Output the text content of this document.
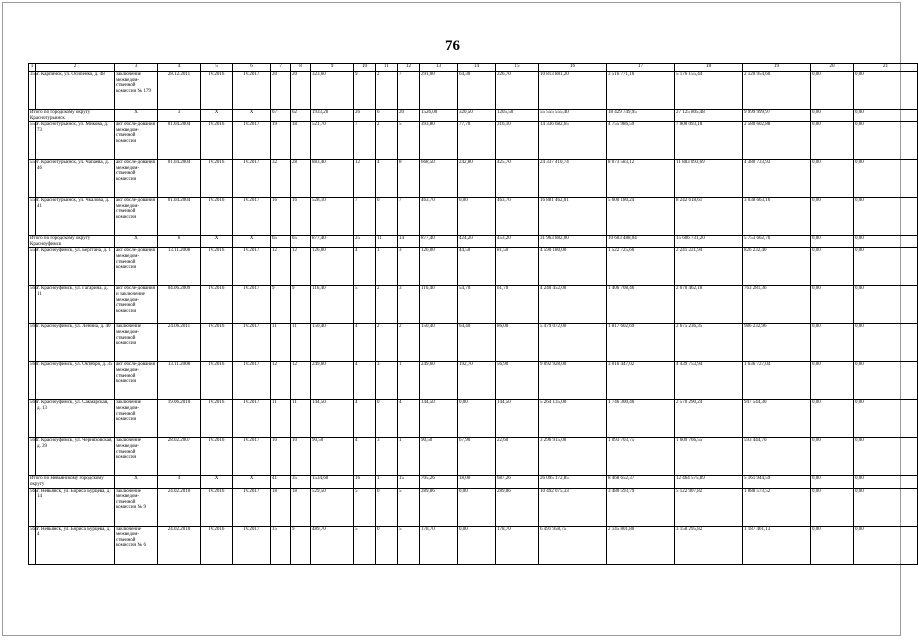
76
1	2	3	4	5	6	7	8	9	10	11	12	13	14	15	16	17	18	19	20	21
355	г. Карпинск, ул. Осипенко, д. 48	заключение межведом-ственной комиссии № 179	28.12.2011	IV.2016	IV.2017	20	20	323,60	9	2	7	291,00	64,30	226,70	10 813 881,20	3 516 771,16	5 176 155,44	2 120 954,60	0,00	0,00
Итого по городскому округу Краснотурьинск		X	3	X	X	67	62	1933,20	26	6	20	1526,00	320,50	1205,50	55 555 555,40	18 429 749,95	27 125 805,48	9 999 999,97	0,00	0,00
556	г. Краснотурьинск, ул. Микова, д. 73	акт обсле-дования межведом-ственной комиссии	01.04.2004	IV.2016	IV.2017	19	18	521,70	7	2	5	393,80	77,70	316,10	14 336 682,65	4 755 986,59	7 000 093,18	2 580 602,88	0,00	0,00
557	г. Краснотурьинск, ул. Чапаева, д. 46	акт обсле-дования межведом-ственной комиссии	01.04.2004	IV.2016	IV.2017	32	28	883,40	12	4	8	668,50	242,80	425,70	24 337 410,74	8 073 583,12	11 883 093,69	4 380 733,93	0,00	0,00
558	г. Краснотурьинск, ул. Чкалова, д. 41	акт обсле-дования межведом-ственной комиссии	01.04.2004	IV.2016	IV.2017	16	16	528,10	7	0	7	463,70	0,00	463,70	16 881 462,01	5 600 180,24	8 242 618,61	3 038 663,16	0,00	0,00
Итого по городскому округу Красноуфимск		X	6	X	X	65	65	877,40	25	11	14	877,40	424,20	453,20	31 963 882,00	10 603 488,04	15 606 731,20	5 753 662,76	0,00	0,00
559	г. Красноуфимск, ул. Берггана, д. 1	акт обсле-дования межведом-ственной комиссии	13.11.2008	IV.2016	IV.2017	12	12	126,00	4	1	3	126,00	44,50	81,50	4 590 180,00	1 522 725,66	2 241 221,94	826 232,40	0,00	0,00
560	г. Красноуфимск, ул. Гагарина, д. 11	акт обсле-дования и заключение межведом-ственной комиссии	04.06.2009	IV.2016	IV.2017	9	9	116,40	5	2	3	116,40	54,70	61,70	4 240 452,00	1 406 708,46	2 070 462,18	763 281,36	0,00	0,00
561	г. Красноуфимск, ул. Ленина, д. 40	заключение межведом-ственной комиссии	24.06.2011	IV.2016	IV.2017	11	11	150,40	4	2	2	150,40	64,40	86,00	5 479 072,00	1 817 602,69	2 675 236,35	986 232,96	0,00	0,00
562	г. Красноуфимск, ул. Октября, д. 35	акт обсле-дования межведом-ственной комиссии	13.11.2008	IV.2016	IV.2017	12	12	249,60	4	3	1	249,60	192,70	56,90	9 092 928,00	3 016 447,02	4 439 753,94	1 636 727,04	0,00	0,00
563	г. Красноуфимск, ул. Сакмарская, д. 13	заключение межведом-ственной комиссии	19.06.2010	IV.2016	IV.2017	11	11	144,50	4	0	4	144,50	0,00	144,50	5 264 135,00	1 746 300,46	2 570 290,24	947 544,30	0,00	0,00
564	г. Красноуфимск, ул. Черняховская, д. 39	заключение межведом-ственной комиссии	28.02.2007	IV.2016	IV.2017	10	10	90,50	4	3	1	90,50	67,90	22,60	3 296 915,00	1 093 703,75	1 609 766,55	593 444,70	0,00	0,00
Итого по Невьянскому городскому округу		X	4	X	X	41	35	1534,60	16	1	15	705,26	18,00	687,26	26 095 172,85	8 468 652,37	12 464 575,89	5 161 944,59	0,00	0,00
565	г. Невьянск, ул. Бориса Бурцева, д. 14	заключение межведом-ственной комиссии № 9	24.02.2010	IV.2016	IV.2017	18	18	529,50	5	0	5	289,86	0,00	289,86	10 492 075,33	3 480 593,79	5 122 907,82	1 888 573,52	0,00	0,00
566	г. Невьянск, ул. Бориса Бурцева, д. 4	заключение межведом-ственной комиссии № 6	24.02.2010	IV.2016	IV.2017	15	9	489,70	5	0	5	178,70	0,00	178,70	6 491 958,75	2 145 801,80	3 158 295,82	1 187 461,13	0,00	0,00
